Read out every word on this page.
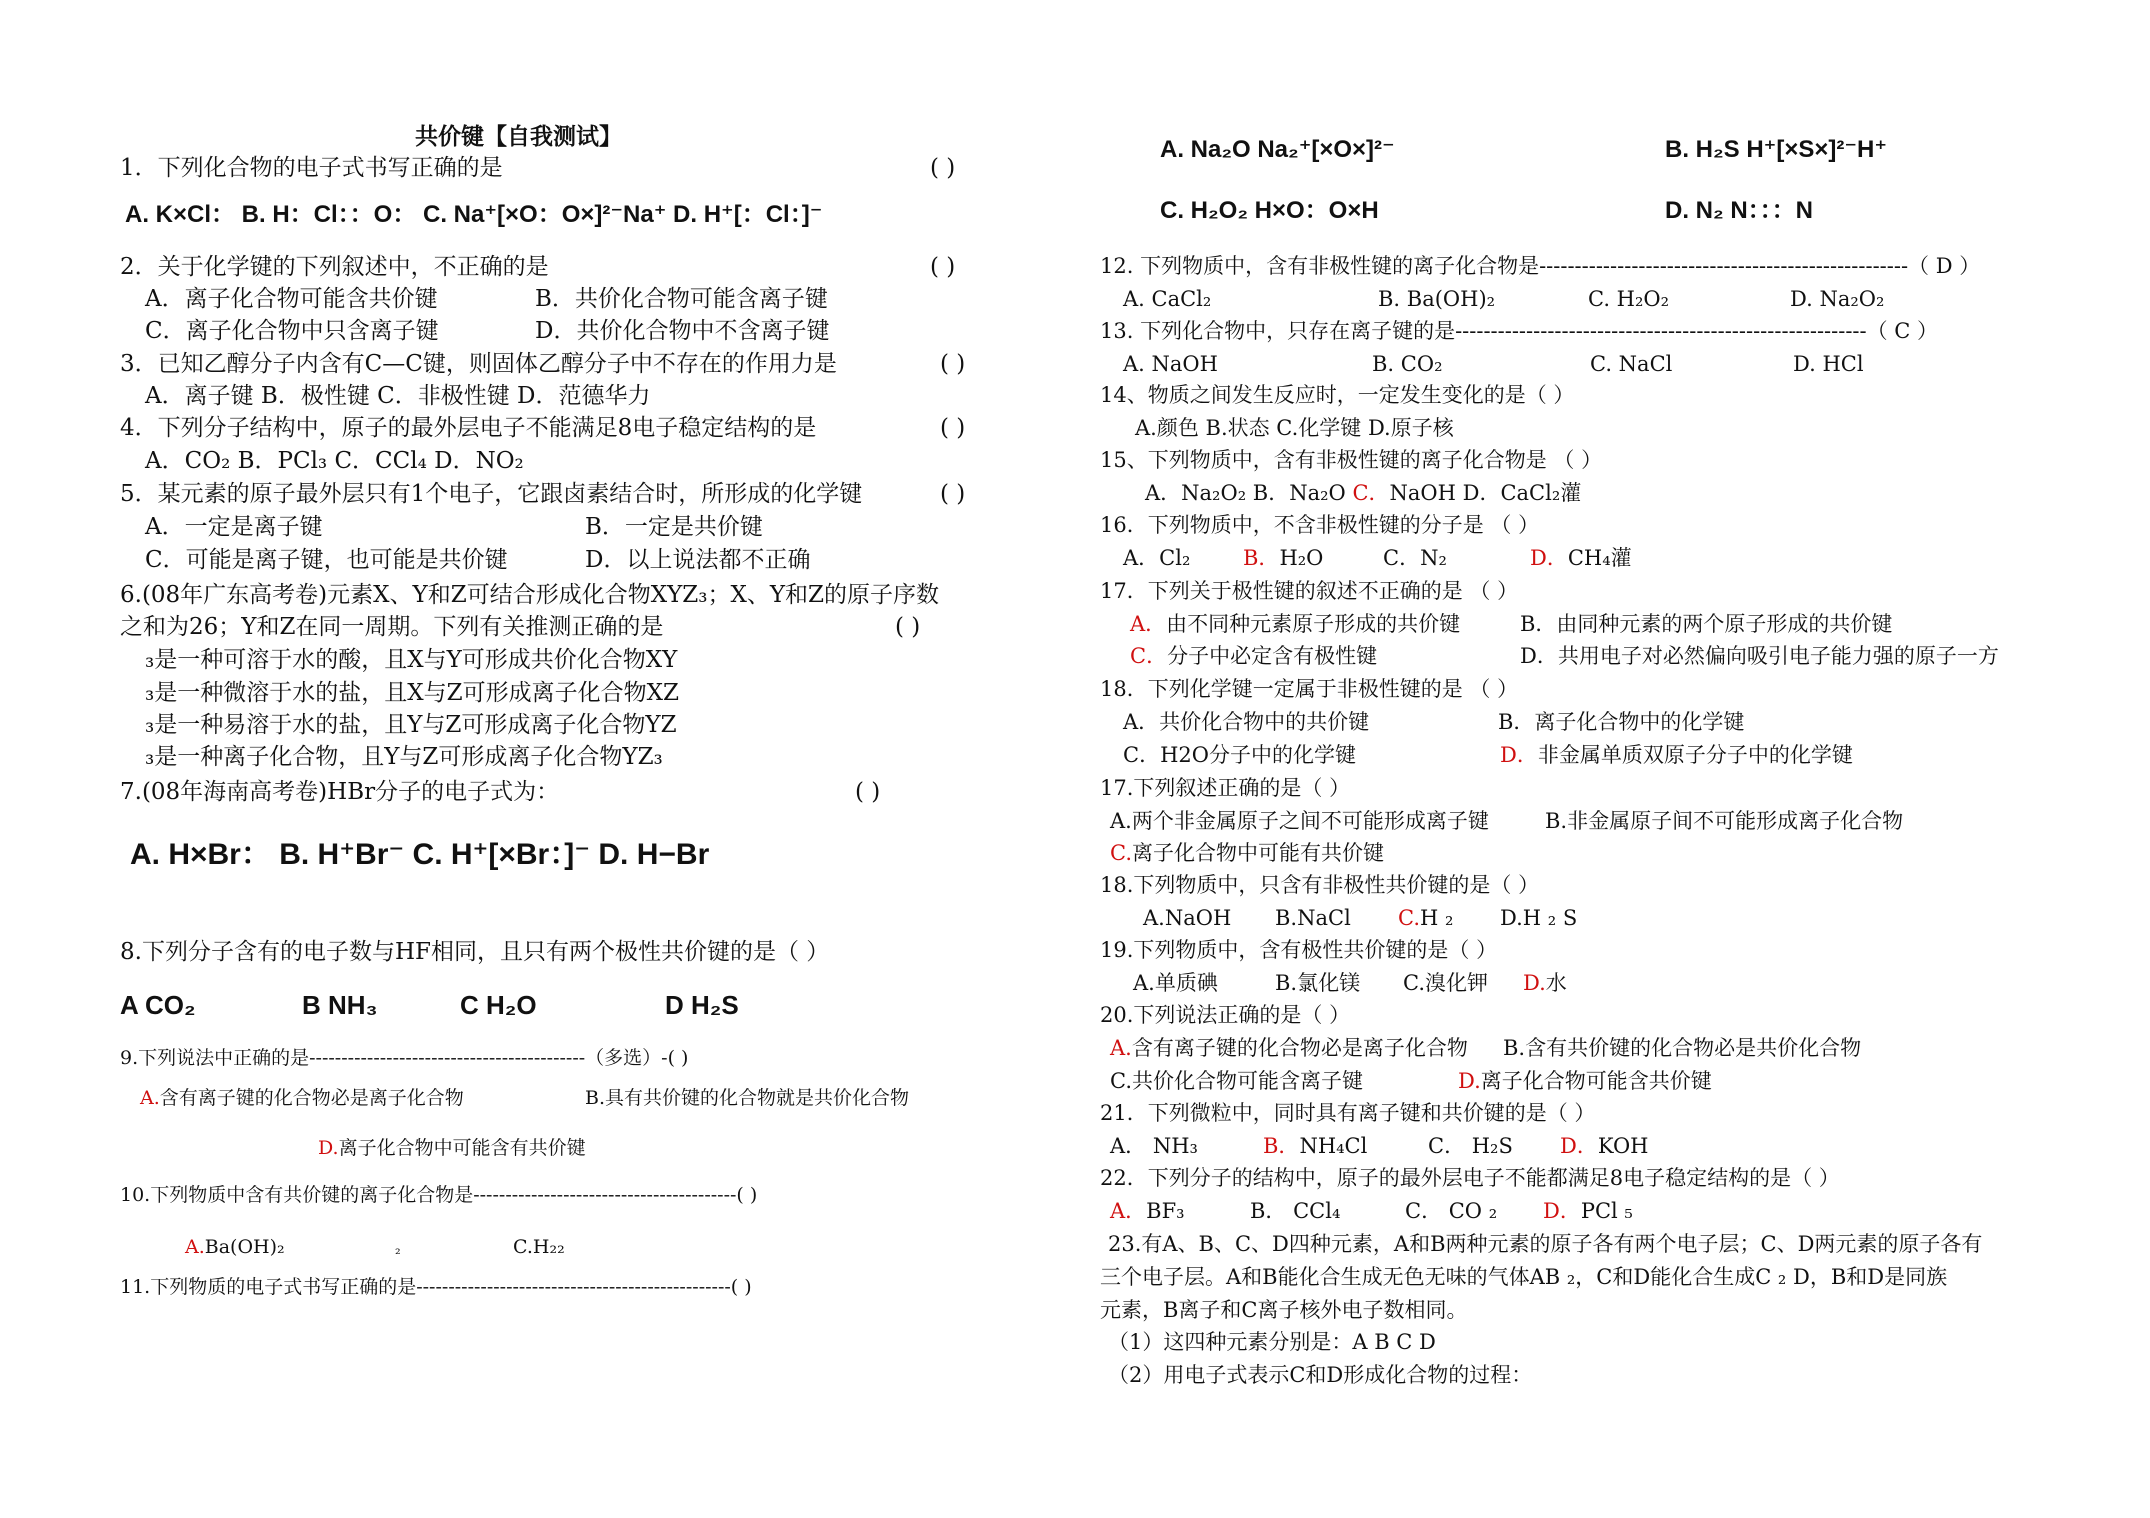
共价键【自我测试】
1．下列化合物的电子式书写正确的是	( )
A. K×Cl： B. H：Cl：：O： C. Na⁺[×O：O×]²⁻Na⁺ D. H⁺[：Cl：]⁻
2．关于化学键的下列叙述中，不正确的是	( )
A．离子化合物可能含共价键	B．共价化合物可能含离子键
C．离子化合物中只含离子键	D．共价化合物中不含离子键
3．已知乙醇分子内含有C—C键，则固体乙醇分子中不存在的作用力是	( )
A．离子键 B．极性键 C．非极性键 D．范德华力
4．下列分子结构中，原子的最外层电子不能满足8电子稳定结构的是	( )
A．CO₂ B．PCl₃ C．CCl₄ D．NO₂
5．某元素的原子最外层只有1个电子，它跟卤素结合时，所形成的化学键	( )
A．一定是离子键	B．一定是共价键
C．可能是离子键，也可能是共价键	D．以上说法都不正确
6.(08年广东高考卷)元素X、Y和Z可结合形成化合物XYZ₃；X、Y和Z的原子序数
之和为26；Y和Z在同一周期。下列有关推测正确的是	( )
₃是一种可溶于水的酸，且X与Y可形成共价化合物XY
₃是一种微溶于水的盐，且X与Z可形成离子化合物XZ
₃是一种易溶于水的盐，且Y与Z可形成离子化合物YZ
₃是一种离子化合物，且Y与Z可形成离子化合物YZ₃
7.(08年海南高考卷)HBr分子的电子式为：	( )
A. H×Br： B. H⁺Br⁻ C. H⁺[×Br：]⁻ D. H−Br
8.下列分子含有的电子数与HF相同，且只有两个极性共价键的是（ ）
A CO₂	B NH₃	C H₂O	D H₂S
9.下列说法中正确的是-------------------------------------------（多选）-( )
A.含有离子键的化合物必是离子化合物	B.具有共价键的化合物就是共价化合物
D.离子化合物中可能含有共价键
10.下列物质中含有共价键的离子化合物是-----------------------------------------( )
A.Ba(OH)₂	₂	C.H₂₂
11.下列物质的电子式书写正确的是-------------------------------------------------( )
A. Na₂O Na₂⁺[×O×]²⁻	B. H₂S H⁺[×S×]²⁻H⁺
C. H₂O₂ H×O：O×H	D. N₂ N：：：N
12. 下列物质中，含有非极性键的离子化合物是----------------------------------------------------（ D ）
A. CaCl₂	B. Ba(OH)₂	C. H₂O₂	D. Na₂O₂
13. 下列化合物中，只存在离子键的是----------------------------------------------------------（ C ）
A. NaOH	B. CO₂	C. NaCl	D. HCl
14、物质之间发生反应时，一定发生变化的是（ ）
A.颜色 B.状态 C.化学键 D.原子核
15、下列物质中，含有非极性键的离子化合物是 （ ）
A．Na₂O₂ B．Na₂O C．NaOH D．CaCl₂灌
16．下列物质中，不含非极性键的分子是 （ ）
A．Cl₂	B．H₂O	C．N₂	D．CH₄灌
17．下列关于极性键的叙述不正确的是 （ ）
A．由不同种元素原子形成的共价键	B．由同种元素的两个原子形成的共价键
C．分子中必定含有极性键	D．共用电子对必然偏向吸引电子能力强的原子一方
18．下列化学键一定属于非极性键的是 （ ）
A．共价化合物中的共价键	B．离子化合物中的化学键
C．H2O分子中的化学键	D．非金属单质双原子分子中的化学键
17.下列叙述正确的是（ ）
A.两个非金属原子之间不可能形成离子键	B.非金属原子间不可能形成离子化合物
C.离子化合物中可能有共价键
18.下列物质中，只含有非极性共价键的是（ ）
A.NaOH B.NaCl C.H ₂ D.H ₂ S
19.下列物质中，含有极性共价键的是（ ）
A.单质碘	B.氯化镁 C.溴化钾 D.水
20.下列说法正确的是（ ）
A.含有离子键的化合物必是离子化合物 B.含有共价键的化合物必是共价化合物
C.共价化合物可能含离子键	D.离子化合物可能含共价键
21．下列微粒中，同时具有离子键和共价键的是（ ）
A． NH₃	B．NH₄Cl	C． H₂S D．KOH
22．下列分子的结构中，原子的最外层电子不能都满足8电子稳定结构的是（ ）
A．BF₃	B． CCl₄	C． CO ₂ D．PCl ₅
23.有A、B、C、D四种元素，A和B两种元素的原子各有两个电子层；C、D两元素的原子各有
三个电子层。A和B能化合生成无色无味的气体AB ₂，C和D能化合生成C ₂ D，B和D是同族
元素，B离子和C离子核外电子数相同。
（1）这四种元素分别是：A B C D
（2）用电子式表示C和D形成化合物的过程：
